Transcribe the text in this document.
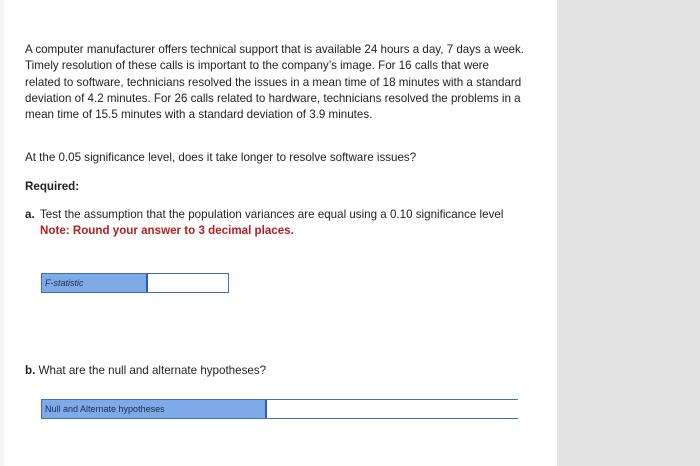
A computer manufacturer offers technical support that is available 24 hours a day, 7 days a week. Timely resolution of these calls is important to the company’s image. For 16 calls that were related to software, technicians resolved the issues in a mean time of 18 minutes with a standard deviation of 4.2 minutes. For 26 calls related to hardware, technicians resolved the problems in a mean time of 15.5 minutes with a standard deviation of 3.9 minutes.

At the 0.05 significance level, does it take longer to resolve software issues?
Required:
a. Test the assumption that the population variances are equal using a 0.10 significance level
Note: Round your answer to 3 decimal places.
F-statistic
b. What are the null and alternate hypotheses?
Null and Alternate hypotheses
